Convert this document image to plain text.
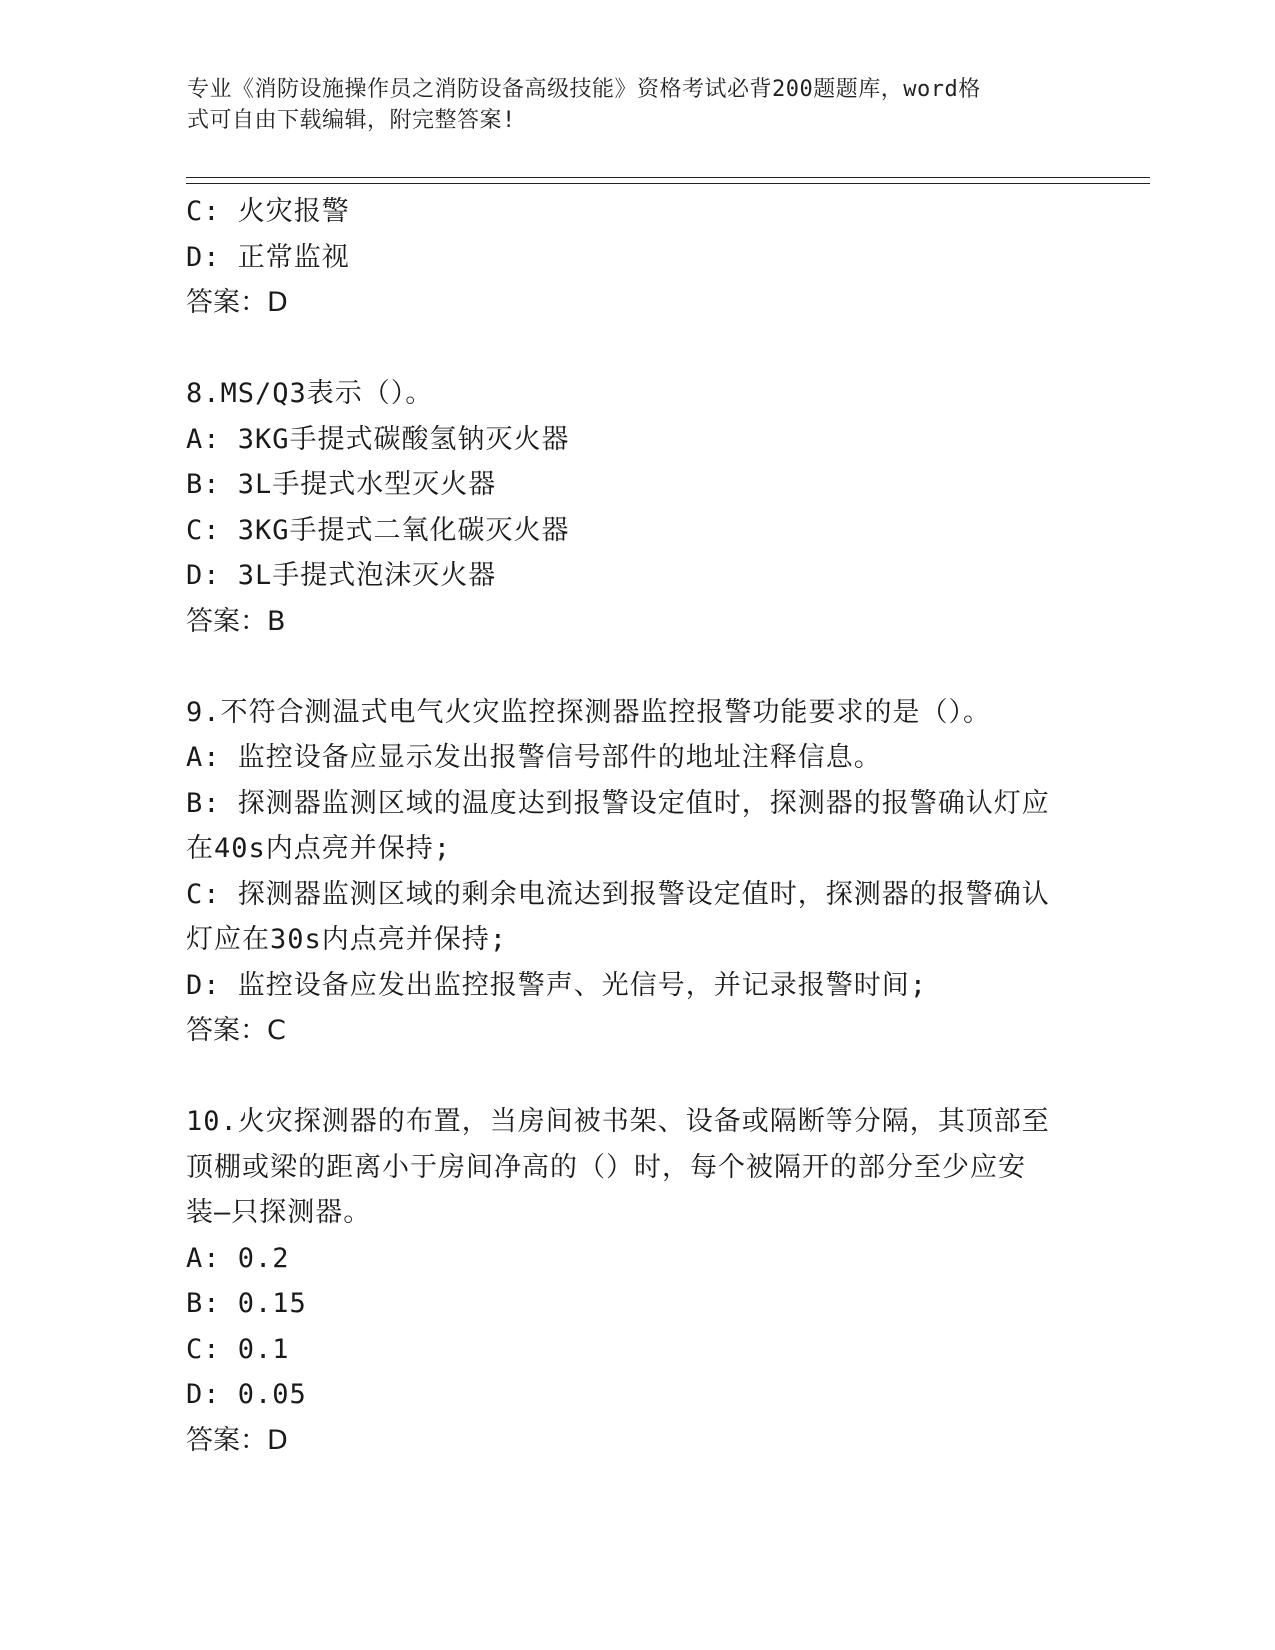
专业《消防设施操作员之消防设备高级技能》资格考试必背200题题库，word格
式可自由下载编辑，附完整答案!
C: 火灾报警
D: 正常监视
答案：D
8.MS/Q3表示（）。
A: 3KG手提式碳酸氢钠灭火器
B: 3L手提式水型灭火器
C: 3KG手提式二氧化碳灭火器
D: 3L手提式泡沫灭火器
答案：B
9.不符合测温式电气火灾监控探测器监控报警功能要求的是（）。
A: 监控设备应显示发出报警信号部件的地址注释信息。
B: 探测器监测区域的温度达到报警设定值时，探测器的报警确认灯应
在40s内点亮并保持;
C: 探测器监测区域的剩余电流达到报警设定值时，探测器的报警确认
灯应在30s内点亮并保持;
D: 监控设备应发出监控报警声、光信号，并记录报警时间;
答案：C
10.火灾探测器的布置，当房间被书架、设备或隔断等分隔，其顶部至
顶棚或梁的距离小于房间净高的（）时，每个被隔开的部分至少应安
装—只探测器。
A: 0.2
B: 0.15
C: 0.1
D: 0.05
答案：D
